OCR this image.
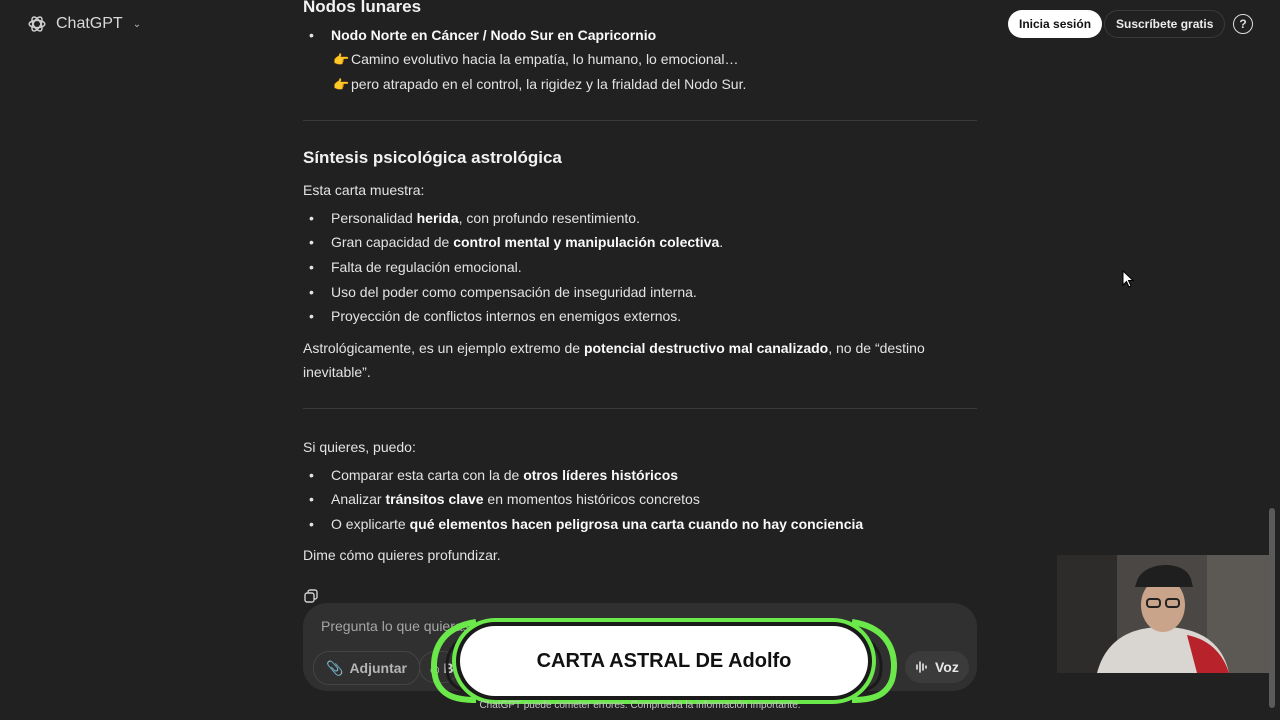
ChatGPT ⌄	Inicia sesión	Suscríbete gratis	?
Nodos lunares
Nodo Norte en Cáncer / Nodo Sur en Capricornio
👉 Camino evolutivo hacia la empatía, lo humano, lo emocional…
👉 pero atrapado en el control, la rigidez y la frialdad del Nodo Sur.
Síntesis psicológica astrológica
Esta carta muestra:
Personalidad herida, con profundo resentimiento.
Gran capacidad de control mental y manipulación colectiva.
Falta de regulación emocional.
Uso del poder como compensación de inseguridad interna.
Proyección de conflictos internos en enemigos externos.
Astrológicamente, es un ejemplo extremo de potencial destructivo mal canalizado, no de “destino
inevitable”.
Si quieres, puedo:
Comparar esta carta con la de otros líderes históricos
Analizar tránsitos clave en momentos históricos concretos
O explicarte qué elementos hacen peligrosa una carta cuando no hay conciencia
Dime cómo quieres profundizar.
Pregunta lo que quieras
📎 Adjuntar	◎ B	Voz
CARTA ASTRAL DE Adolfo
ChatGPT puede cometer errores. Comprueba la información importante.
